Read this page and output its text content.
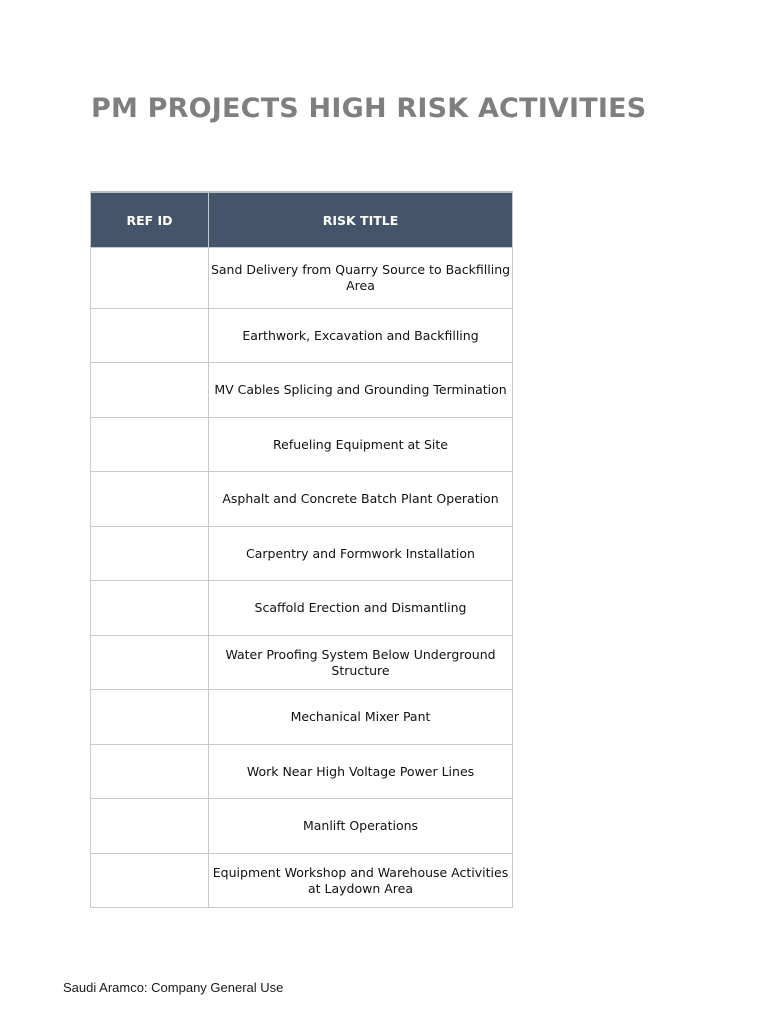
PM PROJECTS HIGH RISK ACTIVITIES
REF ID	RISK TITLE
	Sand Delivery from Quarry Source to Backfilling Area
	Earthwork, Excavation and Backfilling
	MV Cables Splicing and Grounding Termination
	Refueling Equipment at Site
	Asphalt and Concrete Batch Plant Operation
	Carpentry and Formwork Installation
	Scaffold Erection and Dismantling
	Water Proofing System Below Underground Structure
	Mechanical Mixer Pant
	Work Near High Voltage Power Lines
	Manlift Operations
	Equipment Workshop and Warehouse Activities at Laydown Area
Saudi Aramco: Company General Use
